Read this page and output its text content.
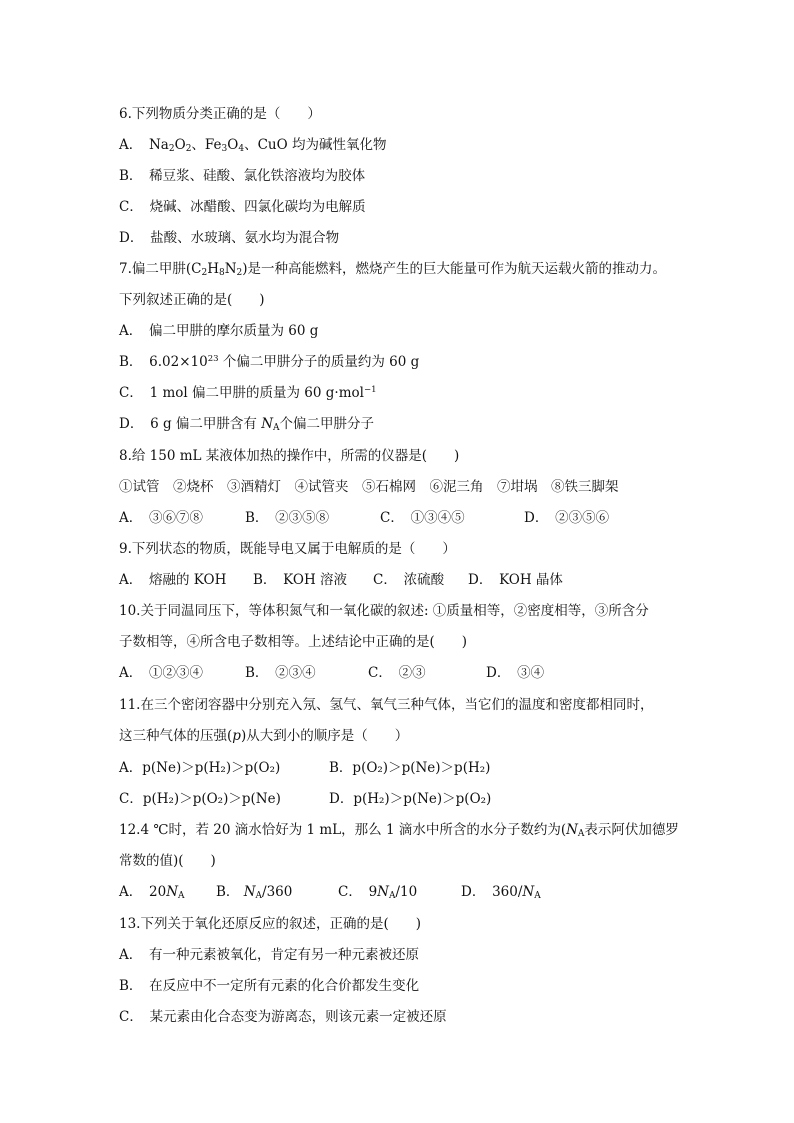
6.下列物质分类正确的是（　　）
A．　$Na_2O_2$、$Fe_3O_4$、CuO 均为碱性氧化物
B．　稀豆浆、硅酸、氯化铁溶液均为胶体
C．　烧碱、冰醋酸、四氯化碳均为电解质
D．　盐酸、水玻璃、氨水均为混合物
7.偏二甲肼$(C_2H_8N_2)$是一种高能燃料，燃烧产生的巨大能量可作为航天运载火箭的推动力。
下列叙述正确的是(　　)
A．　偏二甲肼的摩尔质量为 60 g
B．　$6.02\times 10^{23}$ 个偏二甲肼分子的质量约为 60 g
C．　1 mol 偏二甲肼的质量为 60 g·mol$^{-1}$
D．　6 g 偏二甲肼含有 $N_A$个偏二甲肼分子
8.给 150 mL 某液体加热的操作中，所需的仪器是(　　)
①试管　②烧杯　③酒精灯　④试管夹　⑤石棉网　⑥泥三角　⑦坩埚　⑧铁三脚架
A．　③⑥⑦⑧	B．　②③⑤⑧	C．　①③④⑤	D．　②③⑤⑥
9.下列状态的物质，既能导电又属于电解质的是（　　）
A．　熔融的 KOH B．　KOH 溶液 C．　浓硫酸 D．　KOH 晶体
10.关于同温同压下，等体积氮气和一氧化碳的叙述: ①质量相等，②密度相等，③所含分
子数相等，④所含电子数相等。上述结论中正确的是(　　)
A．　①②③④	B．　②③④	C．　②③	D．　③④
11.在三个密闭容器中分别充入氖、氢气、氧气三种气体，当它们的温度和密度都相同时，
这三种气体的压强(p)从大到小的顺序是（　　）
A．p(Ne)＞p(H₂)＞p(O₂)	B．p(O₂)＞p(Ne)＞p(H₂)
C．p(H₂)＞p(O₂)＞p(Ne)	D．p(H₂)＞p(Ne)＞p(O₂)
12.4 ℃时，若 20 滴水恰好为 1 mL，那么 1 滴水中所含的水分子数约为($N_A$表示阿伏加德罗
常数的值)(　　)
A．　$20N_A$ B． $N_A/360$	C．　$9N_A/10$	D．　$360/N_A$
13.下列关于氧化还原反应的叙述，正确的是(　　)
A．　有一种元素被氧化，肯定有另一种元素被还原
B．　在反应中不一定所有元素的化合价都发生变化
C．　某元素由化合态变为游离态，则该元素一定被还原
